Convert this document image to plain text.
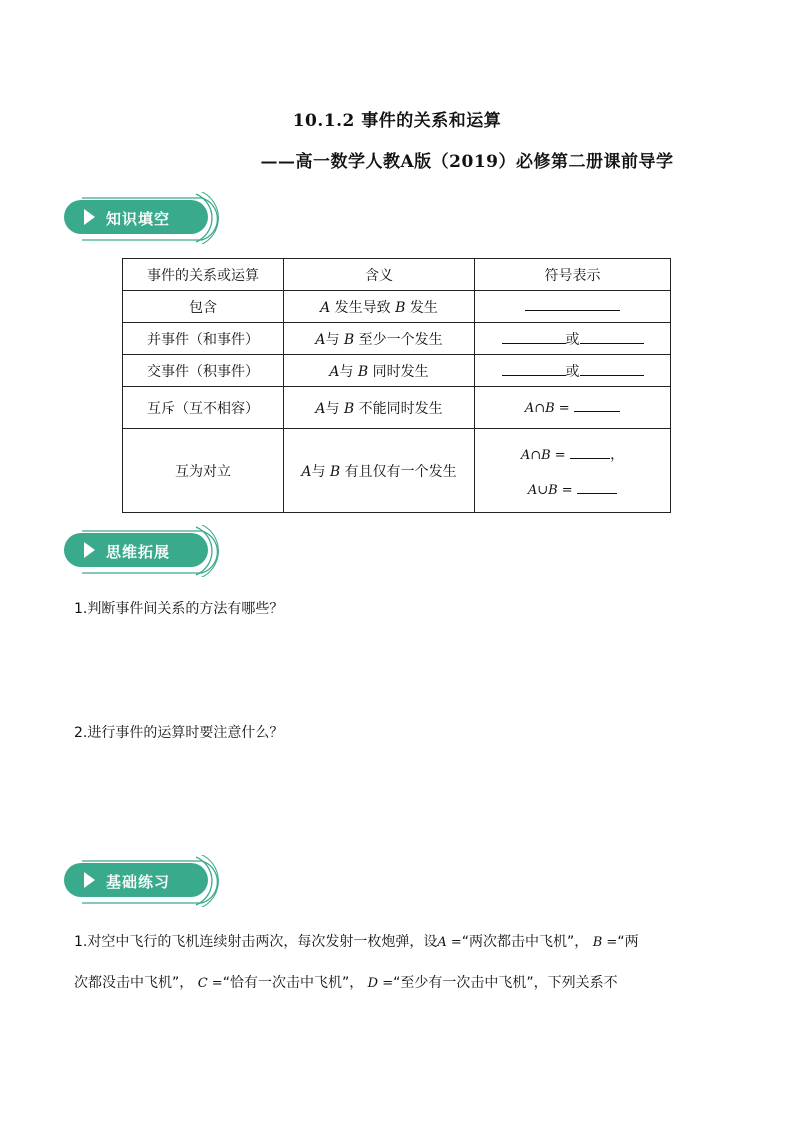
10.1.2 事件的关系和运算
——高一数学人教A版（2019）必修第二册课前导学
知识填空
事件的关系或运算	含义	符号表示
包含	A 发生导致 B 发生	
并事件（和事件）	A与 B 至少一个发生	或
交事件（积事件）	A与 B 同时发生	或
互斥（互不相容）	A与 B 不能同时发生	A∩B =
互为对立	A与 B 有且仅有一个发生	A∩B = ，
A∪B =
思维拓展
1.判断事件间关系的方法有哪些？
2.进行事件的运算时要注意什么？
基础练习
1.对空中飞行的飞机连续射击两次，每次发射一枚炮弹，设A =“两次都击中飞机”， B =“两
次都没击中飞机”， C =“恰有一次击中飞机”， D =“至少有一次击中飞机”，下列关系不
